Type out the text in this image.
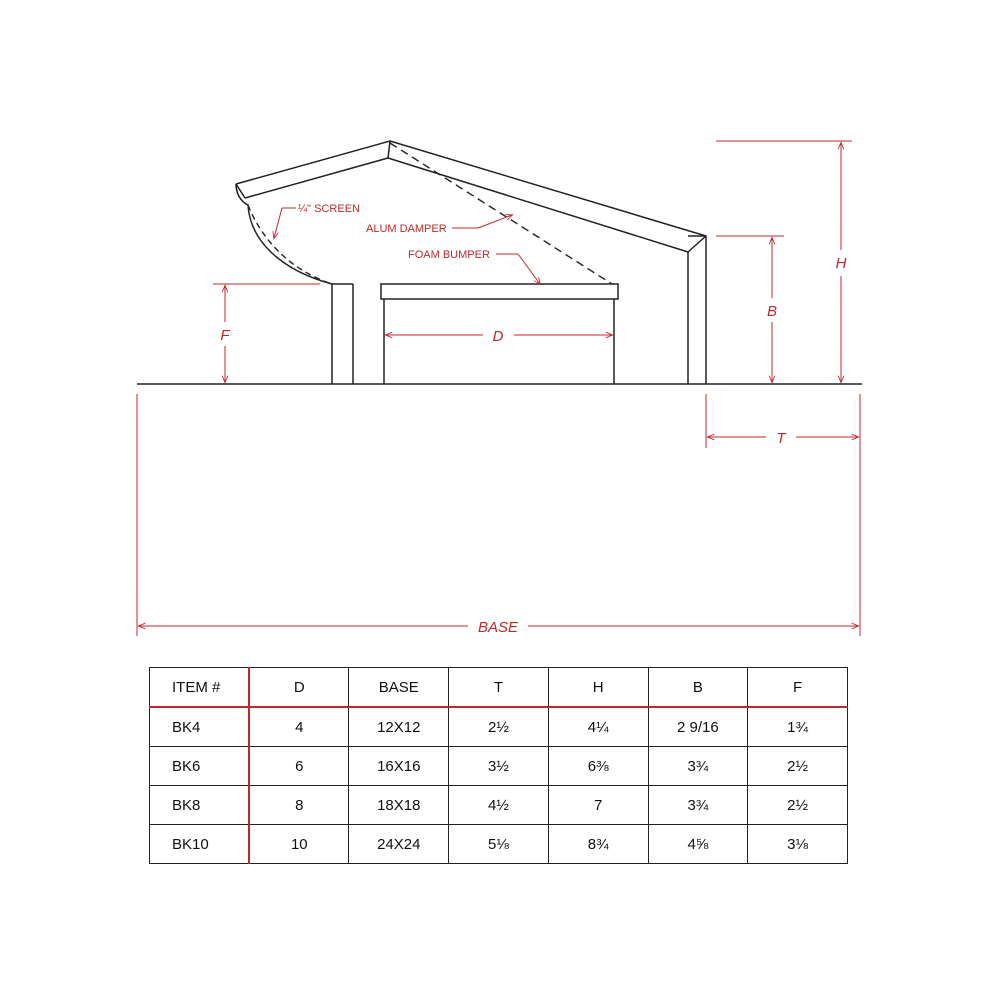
¼" SCREEN
ALUM DAMPER
FOAM BUMPER
D
F
B
H
T
BASE
ITEM #	D	BASE	T	H	B	F
BK4	4	12X12	2½	4¼	2 9/16	1¾
BK6	6	16X16	3½	6⅜	3¾	2½
BK8	8	18X18	4½	7	3¾	2½
BK10	10	24X24	5⅛	8¾	4⅝	3⅛
